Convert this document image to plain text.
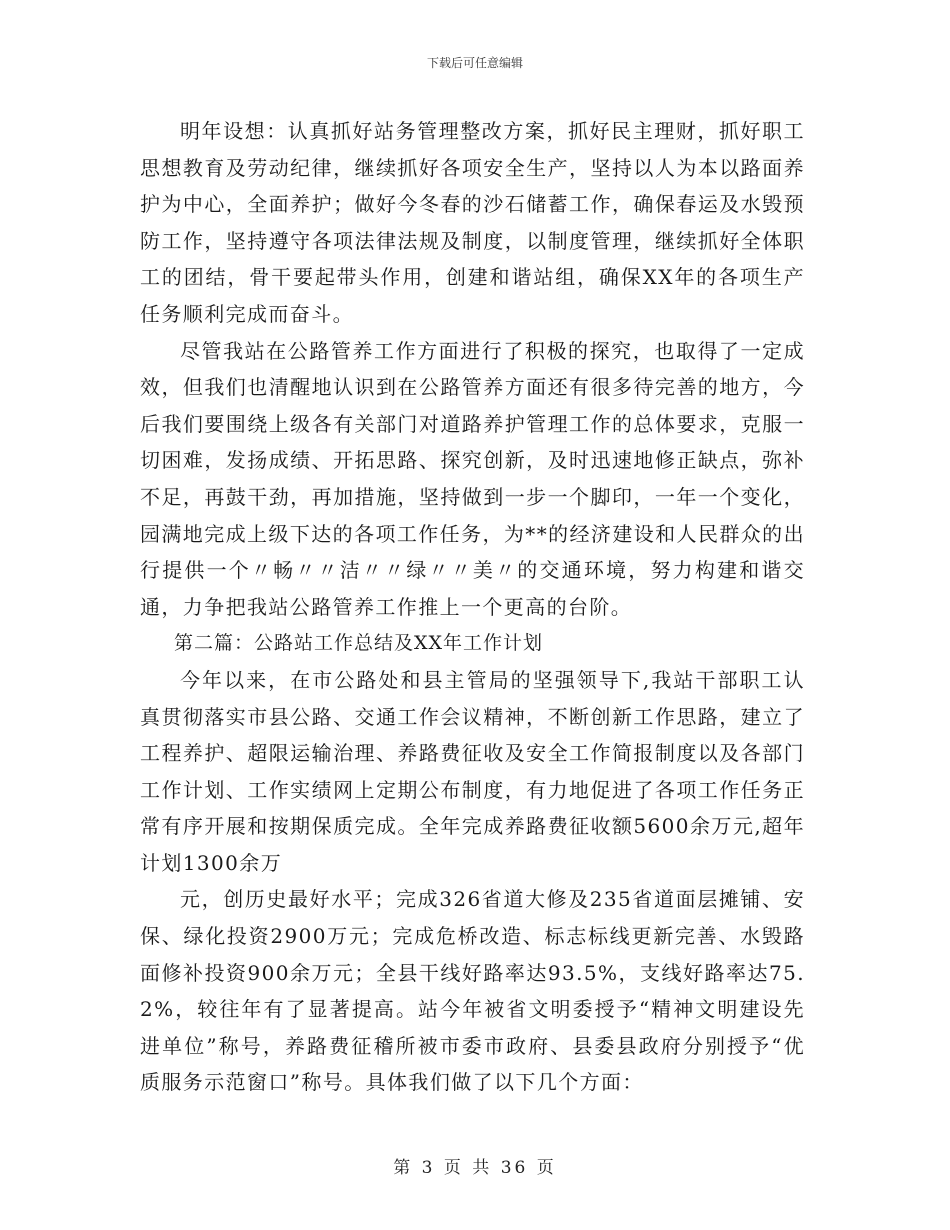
下载后可任意编辑

明年设想：认真抓好站务管理整改方案，抓好民主理财，抓好职工思想教育及劳动纪律，继续抓好各项安全生产，坚持以人为本以路面养护为中心，全面养护；做好今冬春的沙石储蓄工作，确保春运及水毁预防工作，坚持遵守各项法律法规及制度，以制度管理，继续抓好全体职工的团结，骨干要起带头作用，创建和谐站组，确保XX年的各项生产任务顺利完成而奋斗。

尽管我站在公路管养工作方面进行了积极的探究，也取得了一定成效，但我们也清醒地认识到在公路管养方面还有很多待完善的地方，今后我们要围绕上级各有关部门对道路养护管理工作的总体要求，克服一切困难，发扬成绩、开拓思路、探究创新，及时迅速地修正缺点，弥补不足，再鼓干劲，再加措施，坚持做到一步一个脚印，一年一个变化，园满地完成上级下达的各项工作任务，为**的经济建设和人民群众的出行提供一个〃畅〃〃洁〃〃绿〃〃美〃的交通环境，努力构建和谐交通，力争把我站公路管养工作推上一个更高的台阶。

第二篇：公路站工作总结及XX年工作计划

今年以来，在市公路处和县主管局的坚强领导下,我站干部职工认真贯彻落实市县公路、交通工作会议精神，不断创新工作思路，建立了工程养护、超限运输治理、养路费征收及安全工作简报制度以及各部门工作计划、工作实绩网上定期公布制度，有力地促进了各项工作任务正常有序开展和按期保质完成。全年完成养路费征收额5600余万元,超年计划1300余万

元，创历史最好水平；完成326省道大修及235省道面层摊铺、安保、绿化投资2900万元；完成危桥改造、标志标线更新完善、水毁路面修补投资900余万元；全县干线好路率达93.5%，支线好路率达75.2%，较往年有了显著提高。站今年被省文明委授予“精神文明建设先进单位”称号，养路费征稽所被市委市政府、县委县政府分别授予“优质服务示范窗口”称号。具体我们做了以下几个方面：

第 3 页 共 36 页
